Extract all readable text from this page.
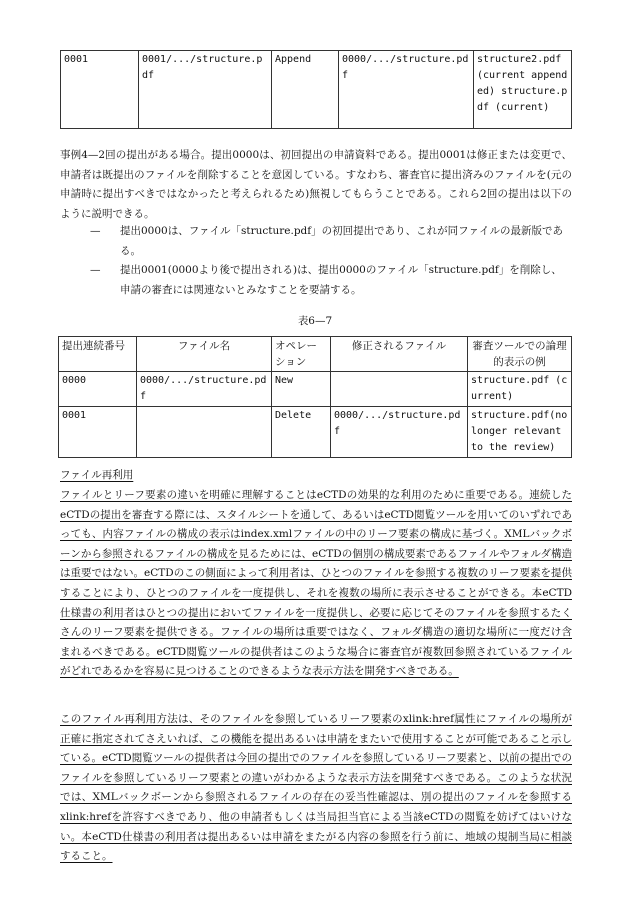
0001	0001/.../structure.pdf	Append	0000/.../structure.pdf	structure2.pdf (current append ed) structure.pdf (current)
事例4—2回の提出がある場合。提出0000は、初回提出の申請資料である。提出0001は修正または変更で、申請者は既提出のファイルを削除することを意図している。すなわち、審査官に提出済みのファイルを(元の申請時に提出すべきではなかったと考えられるため)無視してもらうことである。これら2回の提出は以下のように説明できる。
— 提出0000は、ファイル「structure.pdf」の初回提出であり、これが同ファイルの最新版である。
— 提出0001(0000より後で提出される)は、提出0000のファイル「structure.pdf」を削除し、申請の審査には関連ないとみなすことを要請する。
表6—7
提出連続番号	ファイル名	オペレーション	修正されるファイル	審査ツールでの論理的表示の例
0000	0000/.../structure.pdf	New		structure.pdf (current)
0001		Delete	0000/.../structure.pdf	structure.pdf(no longer relevant to the review)
ファイル再利用
ファイルとリーフ要素の違いを明確に理解することはeCTDの効果的な利用のために重要である。連続したeCTDの提出を審査する際には、スタイルシートを通して、あるいはeCTD閲覧ツールを用いてのいずれであっても、内容ファイルの構成の表示はindex.xmlファイルの中のリーフ要素の構成に基づく。XMLバックボーンから参照されるファイルの構成を見るためには、eCTDの個別の構成要素であるファイルやフォルダ構造は重要ではない。eCTDのこの側面によって利用者は、ひとつのファイルを参照する複数のリーフ要素を提供することにより、ひとつのファイルを一度提供し、それを複数の場所に表示させることができる。本eCTD仕様書の利用者はひとつの提出においてファイルを一度提供し、必要に応じてそのファイルを参照するたくさんのリーフ要素を提供できる。ファイルの場所は重要ではなく、フォルダ構造の適切な場所に一度だけ含まれるべきである。eCTD閲覧ツールの提供者はこのような場合に審査官が複数回参照されているファイルがどれであるかを容易に見つけることのできるような表示方法を開発すべきである。
このファイル再利用方法は、そのファイルを参照しているリーフ要素のxlink:href属性にファイルの場所が正確に指定されてさえいれば、この機能を提出あるいは申請をまたいで使用することが可能であること示している。eCTD閲覧ツールの提供者は今回の提出でのファイルを参照しているリーフ要素と、以前の提出でのファイルを参照しているリーフ要素との違いがわかるような表示方法を開発すべきである。このような状況では、XMLバックボーンから参照されるファイルの存在の妥当性確認は、別の提出のファイルを参照するxlink:hrefを許容すべきであり、他の申請者もしくは当局担当官による当該eCTDの閲覧を妨げてはいけない。本eCTD仕様書の利用者は提出あるいは申請をまたがる内容の参照を行う前に、地域の規制当局に相談すること。
